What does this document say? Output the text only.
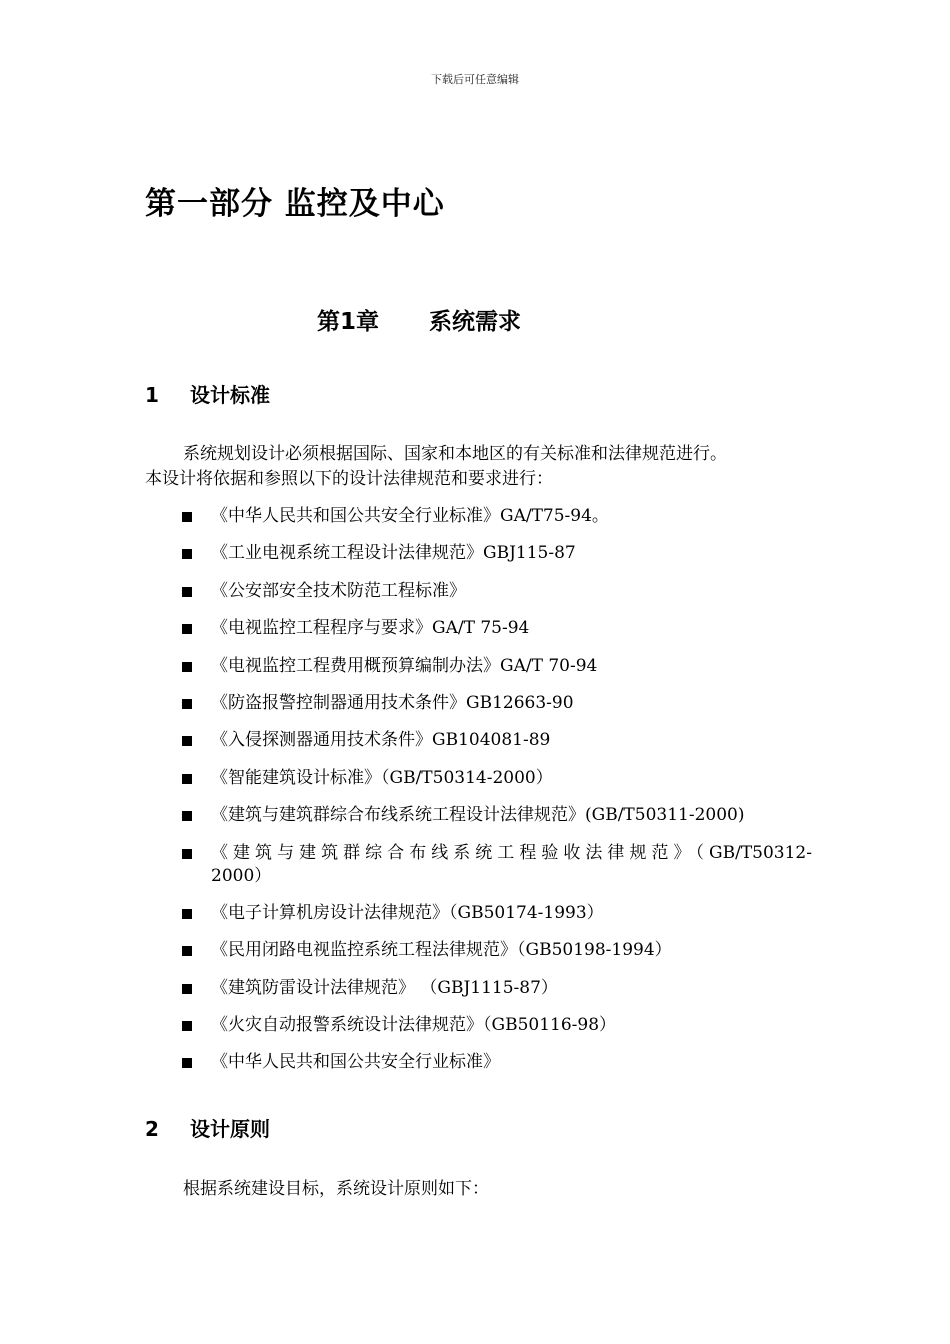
下载后可任意编辑
第一部分 监控及中心
第1章 系统需求
1 设计标准
系统规划设计必须根据国际、国家和本地区的有关标准和法律规范进行。
本设计将依据和参照以下的设计法律规范和要求进行：
《中华人民共和国公共安全行业标准》GA/T75-94。
《工业电视系统工程设计法律规范》GBJ115-87
《公安部安全技术防范工程标准》
《电视监控工程程序与要求》GA/T 75-94
《电视监控工程费用概预算编制办法》GA/T 70-94
《防盗报警控制器通用技术条件》GB12663-90
《入侵探测器通用技术条件》GB104081-89
《智能建筑设计标准》（GB/T50314-2000）
《建筑与建筑群综合布线系统工程设计法律规范》(GB/T50311-2000)
《建筑与建筑群综合布线系统工程验收法律规范》（GB/T50312-
2000）
《电子计算机房设计法律规范》（GB50174-1993）
《民用闭路电视监控系统工程法律规范》（GB50198-1994）
《建筑防雷设计法律规范》 （GBJ1115-87）
《火灾自动报警系统设计法律规范》（GB50116-98）
《中华人民共和国公共安全行业标准》
2 设计原则
根据系统建设目标，系统设计原则如下：
